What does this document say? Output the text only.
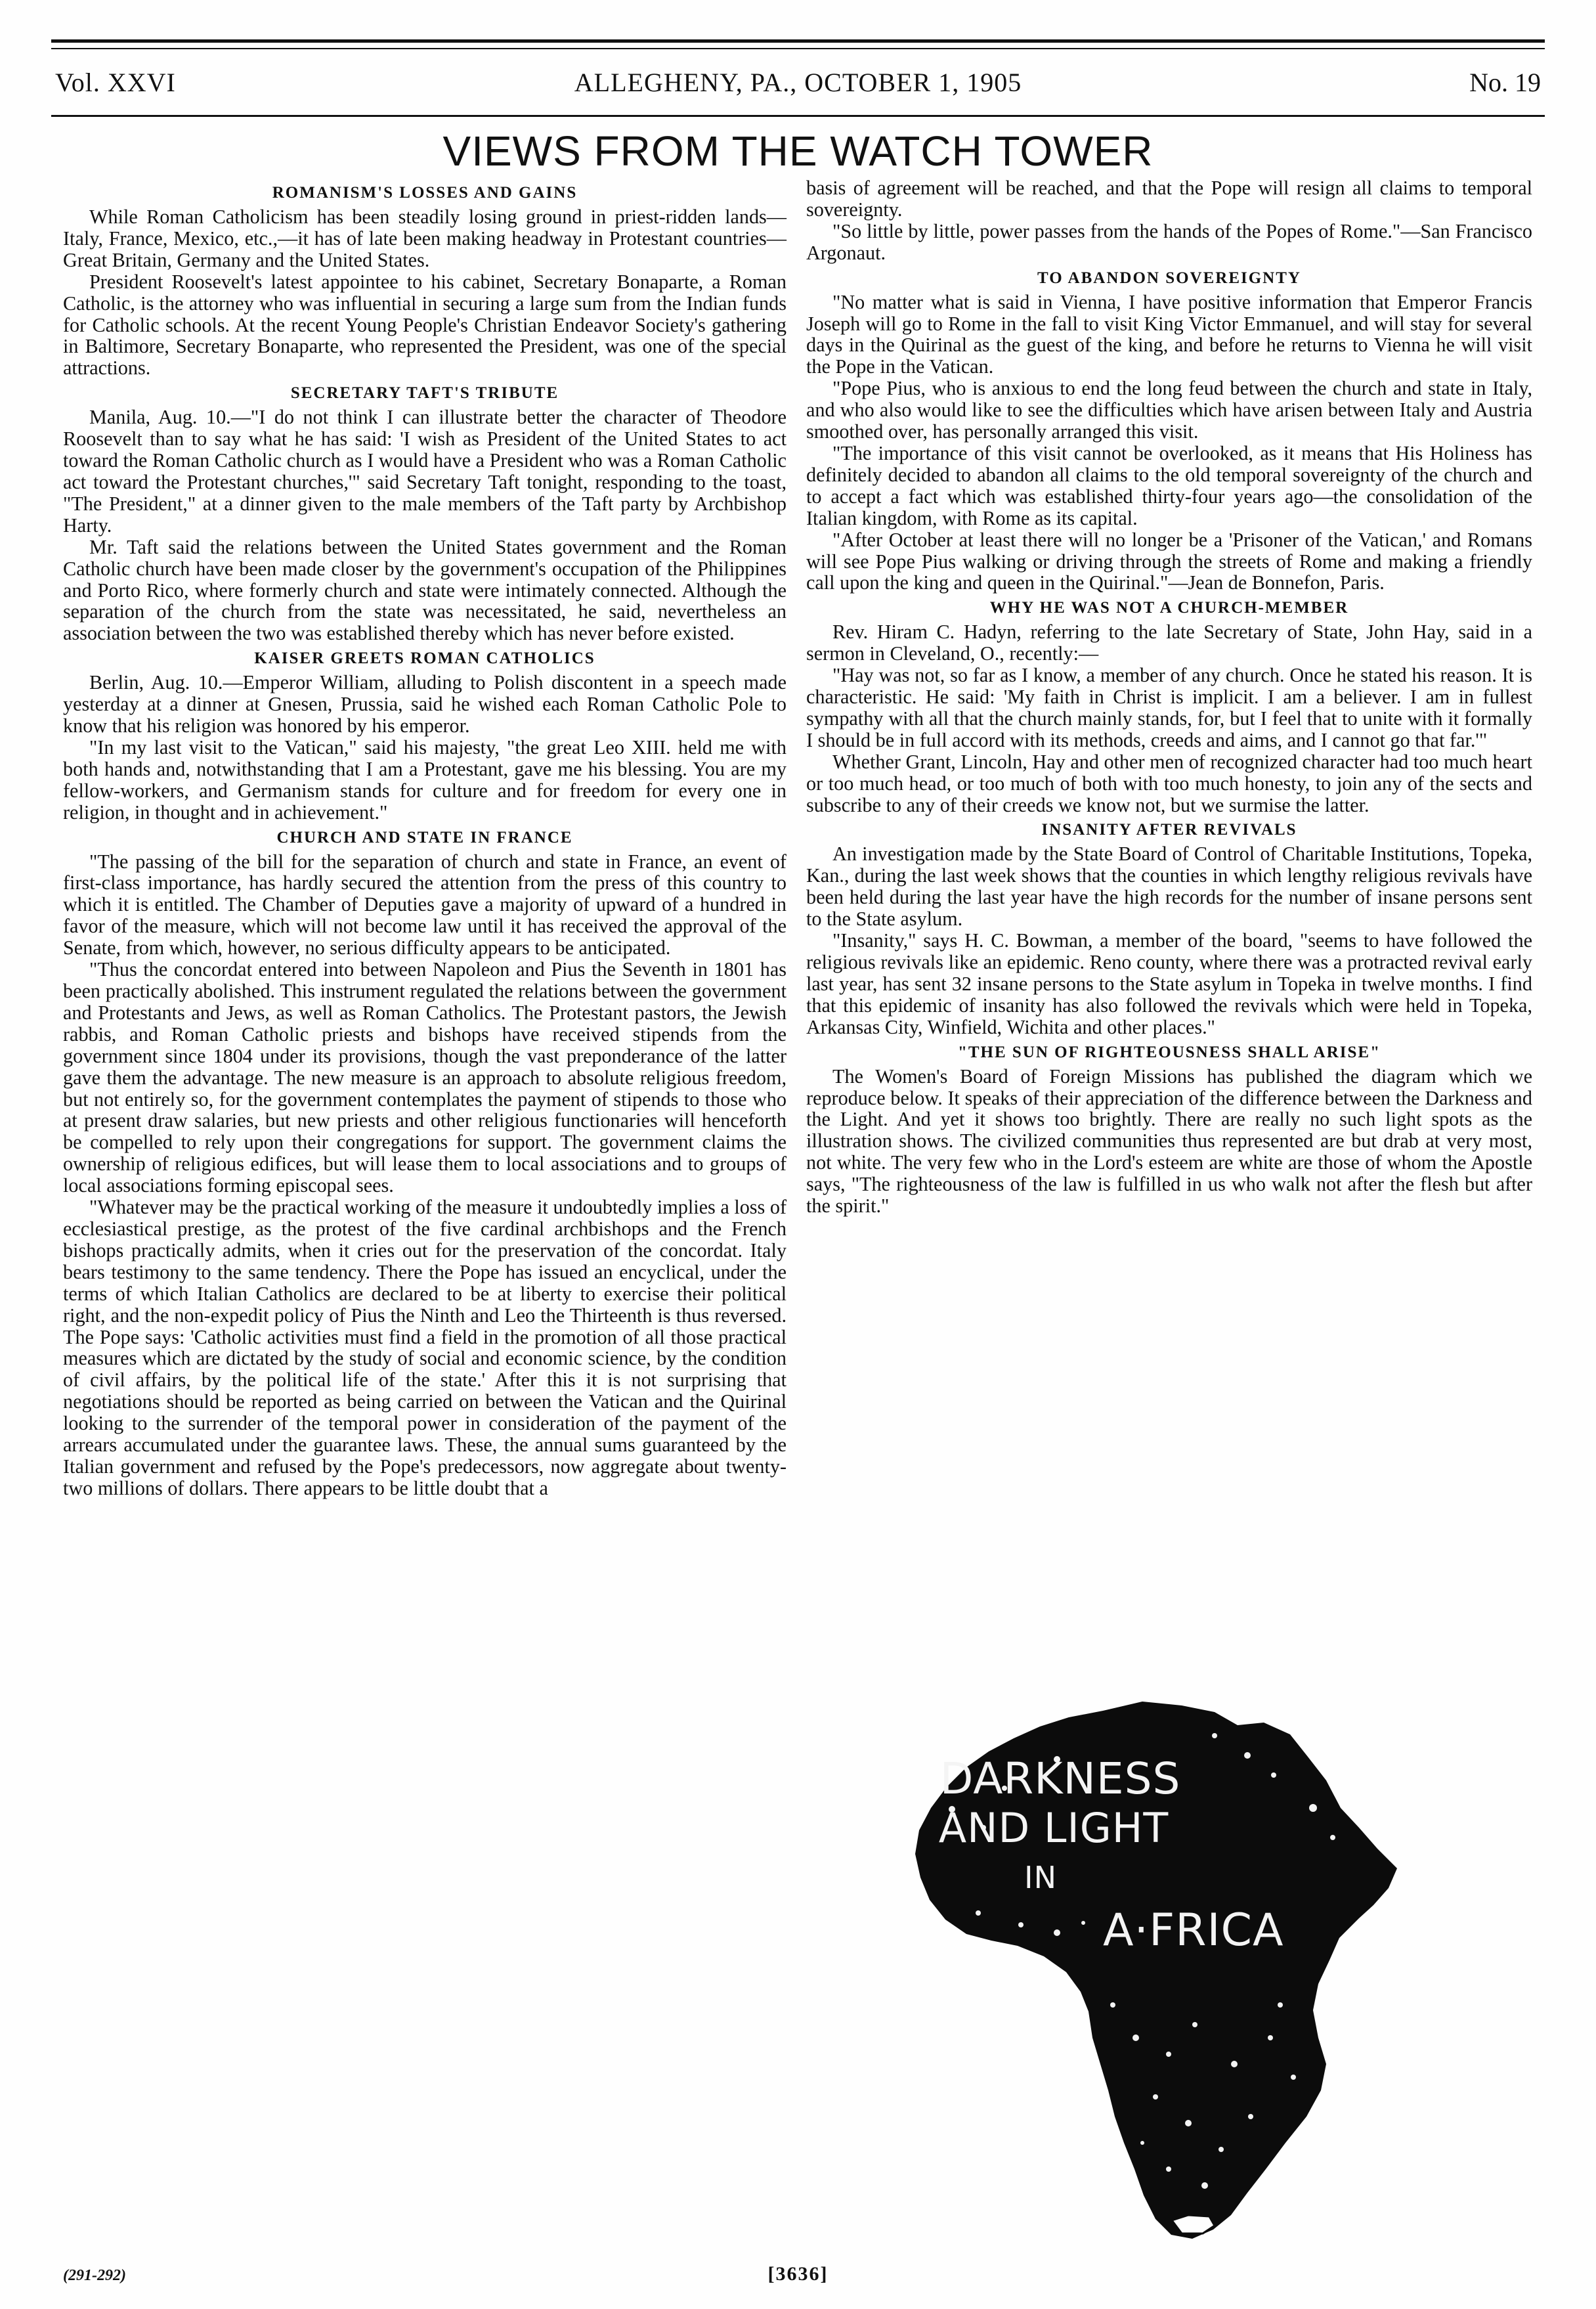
Vol. XXVI	ALLEGHENY, PA., OCTOBER 1, 1905	No. 19
VIEWS FROM THE WATCH TOWER
ROMANISM'S LOSSES AND GAINS

While Roman Catholicism has been steadily losing ground in priest-ridden lands—Italy, France, Mexico, etc.,—it has of late been making headway in Protestant countries—Great Britain, Germany and the United States.

President Roosevelt's latest appointee to his cabinet, Secretary Bonaparte, a Roman Catholic, is the attorney who was influential in securing a large sum from the Indian funds for Catholic schools. At the recent Young People's Christian Endeavor Society's gathering in Baltimore, Secretary Bonaparte, who represented the President, was one of the special attractions.

SECRETARY TAFT'S TRIBUTE

Manila, Aug. 10.—"I do not think I can illustrate better the character of Theodore Roosevelt than to say what he has said: 'I wish as President of the United States to act toward the Roman Catholic church as I would have a President who was a Roman Catholic act toward the Protestant churches,'" said Secretary Taft tonight, responding to the toast, "The President," at a dinner given to the male members of the Taft party by Archbishop Harty.

Mr. Taft said the relations between the United States government and the Roman Catholic church have been made closer by the government's occupation of the Philippines and Porto Rico, where formerly church and state were intimately connected. Although the separation of the church from the state was necessitated, he said, nevertheless an association between the two was established thereby which has never before existed.

KAISER GREETS ROMAN CATHOLICS

Berlin, Aug. 10.—Emperor William, alluding to Polish discontent in a speech made yesterday at a dinner at Gnesen, Prussia, said he wished each Roman Catholic Pole to know that his religion was honored by his emperor.

"In my last visit to the Vatican," said his majesty, "the great Leo XIII. held me with both hands and, notwithstanding that I am a Protestant, gave me his blessing. You are my fellow-workers, and Germanism stands for culture and for freedom for every one in religion, in thought and in achievement."

CHURCH AND STATE IN FRANCE

"The passing of the bill for the separation of church and state in France, an event of first-class importance, has hardly secured the attention from the press of this country to which it is entitled. The Chamber of Deputies gave a majority of upward of a hundred in favor of the measure, which will not become law until it has received the approval of the Senate, from which, however, no serious difficulty appears to be anticipated.

"Thus the concordat entered into between Napoleon and Pius the Seventh in 1801 has been practically abolished. This instrument regulated the relations between the government and Protestants and Jews, as well as Roman Catholics. The Protestant pastors, the Jewish rabbis, and Roman Catholic priests and bishops have received stipends from the government since 1804 under its provisions, though the vast preponderance of the latter gave them the advantage. The new measure is an approach to absolute religious freedom, but not entirely so, for the government contemplates the payment of stipends to those who at present draw salaries, but new priests and other religious functionaries will henceforth be compelled to rely upon their congregations for support. The government claims the ownership of religious edifices, but will lease them to local associations and to groups of local associations forming episcopal sees.

"Whatever may be the practical working of the measure it undoubtedly implies a loss of ecclesiastical prestige, as the protest of the five cardinal archbishops and the French bishops practically admits, when it cries out for the preservation of the concordat. Italy bears testimony to the same tendency. There the Pope has issued an encyclical, under the terms of which Italian Catholics are declared to be at liberty to exercise their political right, and the non-expedit policy of Pius the Ninth and Leo the Thirteenth is thus reversed. The Pope says: 'Catholic activities must find a field in the promotion of all those practical measures which are dictated by the study of social and economic science, by the condition of civil affairs, by the political life of the state.' After this it is not surprising that negotiations should be reported as being carried on between the Vatican and the Quirinal looking to the surrender of the temporal power in consideration of the payment of the arrears accumulated under the guarantee laws. These, the annual sums guaranteed by the Italian government and refused by the Pope's predecessors, now aggregate about twenty-two millions of dollars. There appears to be little doubt that a

basis of agreement will be reached, and that the Pope will resign all claims to temporal sovereignty.

"So little by little, power passes from the hands of the Popes of Rome."—San Francisco Argonaut.

TO ABANDON SOVEREIGNTY

"No matter what is said in Vienna, I have positive information that Emperor Francis Joseph will go to Rome in the fall to visit King Victor Emmanuel, and will stay for several days in the Quirinal as the guest of the king, and before he returns to Vienna he will visit the Pope in the Vatican.

"Pope Pius, who is anxious to end the long feud between the church and state in Italy, and who also would like to see the difficulties which have arisen between Italy and Austria smoothed over, has personally arranged this visit.

"The importance of this visit cannot be overlooked, as it means that His Holiness has definitely decided to abandon all claims to the old temporal sovereignty of the church and to accept a fact which was established thirty-four years ago—the consolidation of the Italian kingdom, with Rome as its capital.

"After October at least there will no longer be a 'Prisoner of the Vatican,' and Romans will see Pope Pius walking or driving through the streets of Rome and making a friendly call upon the king and queen in the Quirinal."—Jean de Bonnefon, Paris.

WHY HE WAS NOT A CHURCH-MEMBER

Rev. Hiram C. Hadyn, referring to the late Secretary of State, John Hay, said in a sermon in Cleveland, O., recently:—

"Hay was not, so far as I know, a member of any church. Once he stated his reason. It is characteristic. He said: 'My faith in Christ is implicit. I am a believer. I am in fullest sympathy with all that the church mainly stands, for, but I feel that to unite with it formally I should be in full accord with its methods, creeds and aims, and I cannot go that far.'"

Whether Grant, Lincoln, Hay and other men of recognized character had too much heart or too much head, or too much of both with too much honesty, to join any of the sects and subscribe to any of their creeds we know not, but we surmise the latter.

INSANITY AFTER REVIVALS

An investigation made by the State Board of Control of Charitable Institutions, Topeka, Kan., during the last week shows that the counties in which lengthy religious revivals have been held during the last year have the high records for the number of insane persons sent to the State asylum.

"Insanity," says H. C. Bowman, a member of the board, "seems to have followed the religious revivals like an epidemic. Reno county, where there was a protracted revival early last year, has sent 32 insane persons to the State asylum in Topeka in twelve months. I find that this epidemic of insanity has also followed the revivals which were held in Topeka, Arkansas City, Winfield, Wichita and other places."

"THE SUN OF RIGHTEOUSNESS SHALL ARISE"

The Women's Board of Foreign Missions has published the diagram which we reproduce below. It speaks of their appreciation of the difference between the Darkness and the Light. And yet it shows too brightly. There are really no such light spots as the illustration shows. The civilized communities thus represented are but drab at very most, not white. The very few who in the Lord's esteem are white are those of whom the Apostle says, "The righteousness of the law is fulfilled in us who walk not after the flesh but after the spirit."

DARKNESS
AND LIGHT
IN
A·FRICA
(291-292)	[3636]
